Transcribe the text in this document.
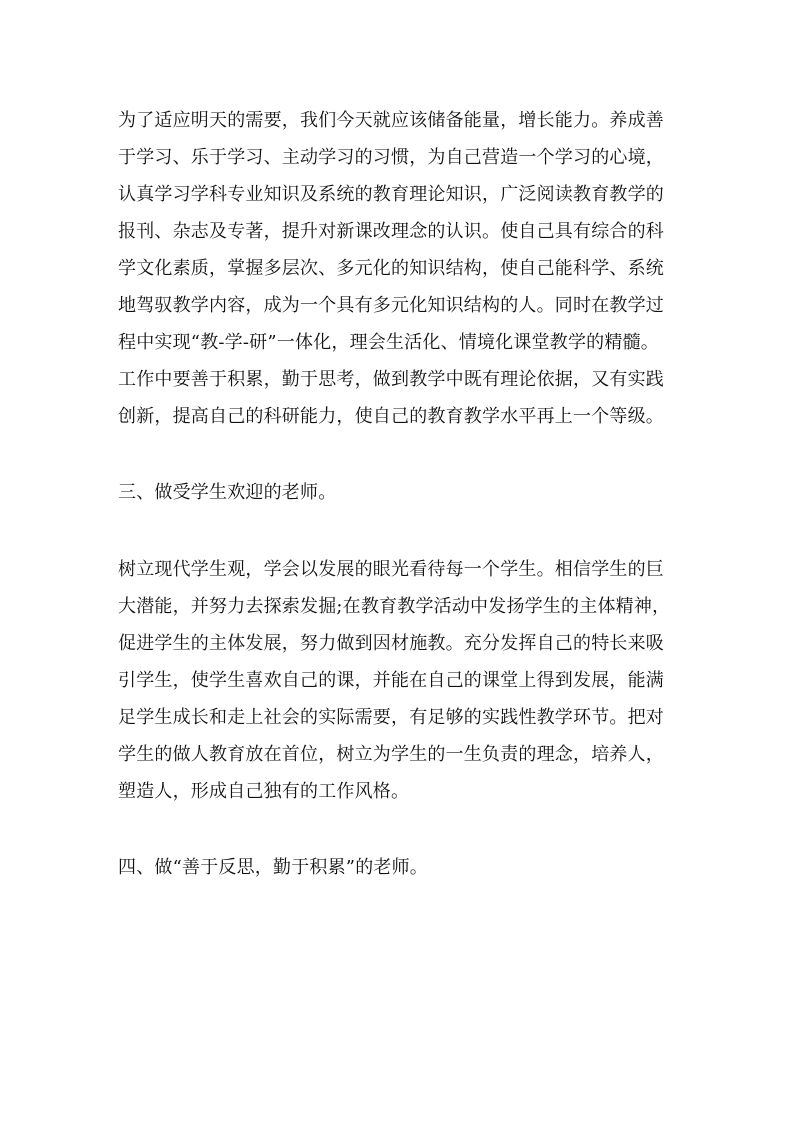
为了适应明天的需要，我们今天就应该储备能量，增长能力。养成善
于学习、乐于学习、主动学习的习惯，为自己营造一个学习的心境，
认真学习学科专业知识及系统的教育理论知识，广泛阅读教育教学的
报刊、杂志及专著，提升对新课改理念的认识。使自己具有综合的科
学文化素质，掌握多层次、多元化的知识结构，使自己能科学、系统
地驾驭教学内容，成为一个具有多元化知识结构的人。同时在教学过
程中实现“教-学-研”一体化，理会生活化、情境化课堂教学的精髓。
工作中要善于积累，勤于思考，做到教学中既有理论依据，又有实践
创新，提高自己的科研能力，使自己的教育教学水平再上一个等级。
三、做受学生欢迎的老师。
树立现代学生观，学会以发展的眼光看待每一个学生。相信学生的巨
大潜能，并努力去探索发掘;在教育教学活动中发扬学生的主体精神，
促进学生的主体发展，努力做到因材施教。充分发挥自己的特长来吸
引学生，使学生喜欢自己的课，并能在自己的课堂上得到发展，能满
足学生成长和走上社会的实际需要，有足够的实践性教学环节。把对
学生的做人教育放在首位，树立为学生的一生负责的理念，培养人，
塑造人，形成自己独有的工作风格。
四、做“善于反思，勤于积累”的老师。
